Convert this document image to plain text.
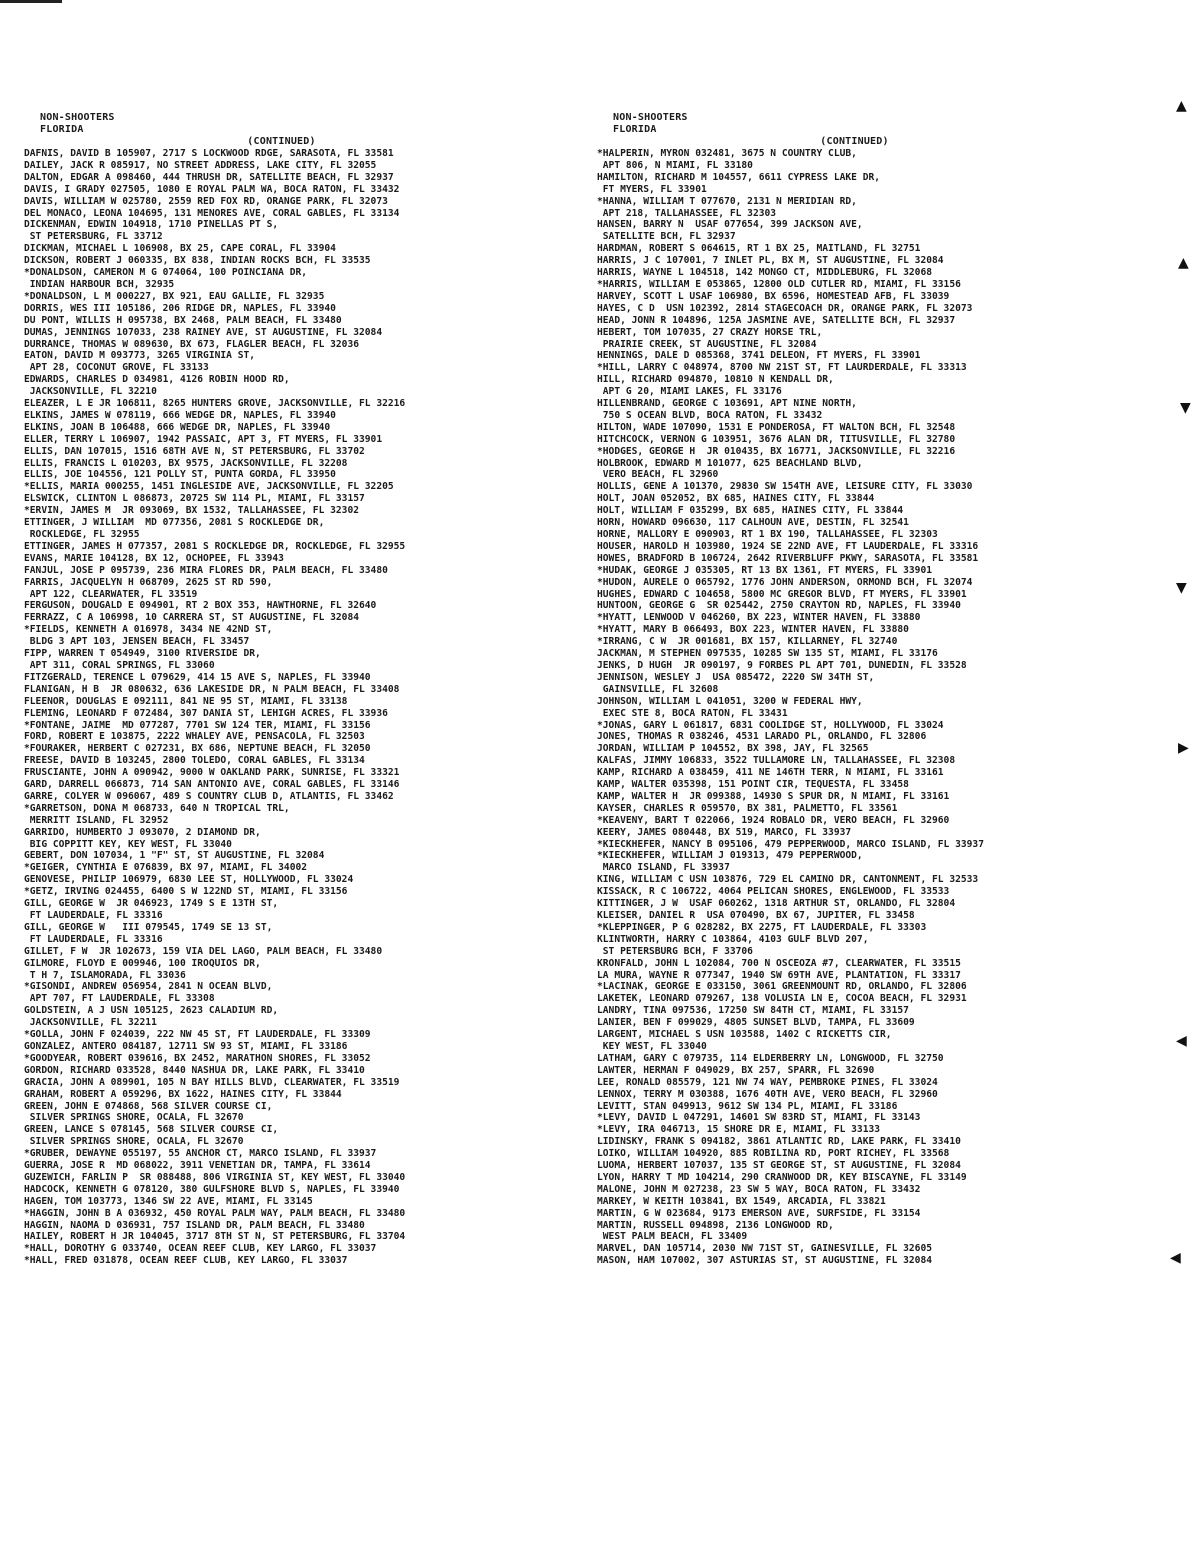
NON-SHOOTERS
FLORIDA
(CONTINUED)
DAFNIS, DAVID B 105907, 2717 S LOCKWOOD RDGE, SARASOTA, FL 33581
DAILEY, JACK R 085917, NO STREET ADDRESS, LAKE CITY, FL 32055
DALTON, EDGAR A 098460, 444 THRUSH DR, SATELLITE BEACH, FL 32937
DAVIS, I GRADY 027505, 1080 E ROYAL PALM WA, BOCA RATON, FL 33432
DAVIS, WILLIAM W 025780, 2559 RED FOX RD, ORANGE PARK, FL 32073
DEL MONACO, LEONA 104695, 131 MENORES AVE, CORAL GABLES, FL 33134
DICKENMAN, EDWIN 104918, 1710 PINELLAS PT S,
ST PETERSBURG, FL 33712
DICKMAN, MICHAEL L 106908, BX 25, CAPE CORAL, FL 33904
DICKSON, ROBERT J 060335, BX 838, INDIAN ROCKS BCH, FL 33535
*DONALDSON, CAMERON M G 074064, 100 POINCIANA DR,
INDIAN HARBOUR BCH, 32935
*DONALDSON, L M 000227, BX 921, EAU GALLIE, FL 32935
DORRIS, WES III 105186, 206 RIDGE DR, NAPLES, FL 33940
DU PONT, WILLIS H 095738, BX 2468, PALM BEACH, FL 33480
DUMAS, JENNINGS 107033, 238 RAINEY AVE, ST AUGUSTINE, FL 32084
DURRANCE, THOMAS W 089630, BX 673, FLAGLER BEACH, FL 32036
EATON, DAVID M 093773, 3265 VIRGINIA ST,
APT 28, COCONUT GROVE, FL 33133
EDWARDS, CHARLES D 034981, 4126 ROBIN HOOD RD,
JACKSONVILLE, FL 32210
ELEAZER, L E JR 106811, 8265 HUNTERS GROVE, JACKSONVILLE, FL 32216
ELKINS, JAMES W 078119, 666 WEDGE DR, NAPLES, FL 33940
ELKINS, JOAN B 106488, 666 WEDGE DR, NAPLES, FL 33940
ELLER, TERRY L 106907, 1942 PASSAIC, APT 3, FT MYERS, FL 33901
ELLIS, DAN 107015, 1516 68TH AVE N, ST PETERSBURG, FL 33702
ELLIS, FRANCIS L 010203, BX 9575, JACKSONVILLE, FL 32208
ELLIS, JOE 104556, 121 POLLY ST, PUNTA GORDA, FL 33950
*ELLIS, MARIA 000255, 1451 INGLESIDE AVE, JACKSONVILLE, FL 32205
ELSWICK, CLINTON L 086873, 20725 SW 114 PL, MIAMI, FL 33157
*ERVIN, JAMES M  JR 093069, BX 1532, TALLAHASSEE, FL 32302
ETTINGER, J WILLIAM  MD 077356, 2081 S ROCKLEDGE DR,
ROCKLEDGE, FL 32955
ETTINGER, JAMES H 077357, 2081 S ROCKLEDGE DR, ROCKLEDGE, FL 32955
EVANS, MARIE 104128, BX 12, OCHOPEE, FL 33943
FANJUL, JOSE P 095739, 236 MIRA FLORES DR, PALM BEACH, FL 33480
FARRIS, JACQUELYN H 068709, 2625 ST RD 590,
APT 122, CLEARWATER, FL 33519
FERGUSON, DOUGALD E 094901, RT 2 BOX 353, HAWTHORNE, FL 32640
FERRAZZ, C A 106998, 10 CARRERA ST, ST AUGUSTINE, FL 32084
*FIELDS, KENNETH A 016978, 3434 NE 42ND ST,
BLDG 3 APT 103, JENSEN BEACH, FL 33457
FIPP, WARREN T 054949, 3100 RIVERSIDE DR,
APT 311, CORAL SPRINGS, FL 33060
FITZGERALD, TERENCE L 079629, 414 15 AVE S, NAPLES, FL 33940
FLANIGAN, H B  JR 080632, 636 LAKESIDE DR, N PALM BEACH, FL 33408
FLEENOR, DOUGLAS E 092111, 841 NE 95 ST, MIAMI, FL 33138
FLEMING, LEONARD F 072484, 307 DANIA ST, LEHIGH ACRES, FL 33936
*FONTANE, JAIME  MD 077287, 7701 SW 124 TER, MIAMI, FL 33156
FORD, ROBERT E 103875, 2222 WHALEY AVE, PENSACOLA, FL 32503
*FOURAKER, HERBERT C 027231, BX 686, NEPTUNE BEACH, FL 32050
FREESE, DAVID B 103245, 2800 TOLEDO, CORAL GABLES, FL 33134
FRUSCIANTE, JOHN A 090942, 9000 W OAKLAND PARK, SUNRISE, FL 33321
GARD, DARRELL 066873, 714 SAN ANTONIO AVE, CORAL GABLES, FL 33146
GARRE, COLYER W 096067, 489 S COUNTRY CLUB D, ATLANTIS, FL 33462
*GARRETSON, DONA M 068733, 640 N TROPICAL TRL,
MERRITT ISLAND, FL 32952
GARRIDO, HUMBERTO J 093070, 2 DIAMOND DR,
BIG COPPITT KEY, KEY WEST, FL 33040
GEBERT, DON 107034, 1 "F" ST, ST AUGUSTINE, FL 32084
*GEIGER, CYNTHIA E 076839, BX 97, MIAMI, FL 34002
GENOVESE, PHILIP 106979, 6830 LEE ST, HOLLYWOOD, FL 33024
*GETZ, IRVING 024455, 6400 S W 122ND ST, MIAMI, FL 33156
GILL, GEORGE W  JR 046923, 1749 S E 13TH ST,
FT LAUDERDALE, FL 33316
GILL, GEORGE W   III 079545, 1749 SE 13 ST,
FT LAUDERDALE, FL 33316
GILLET, F W  JR 102673, 159 VIA DEL LAGO, PALM BEACH, FL 33480
GILMORE, FLOYD E 009946, 100 IROQUIOS DR,
T H 7, ISLAMORADA, FL 33036
*GISONDI, ANDREW 056954, 2841 N OCEAN BLVD,
APT 707, FT LAUDERDALE, FL 33308
GOLDSTEIN, A J USN 105125, 2623 CALADIUM RD,
JACKSONVILLE, FL 32211
*GOLLA, JOHN F 024039, 222 NW 45 ST, FT LAUDERDALE, FL 33309
GONZALEZ, ANTERO 084187, 12711 SW 93 ST, MIAMI, FL 33186
*GOODYEAR, ROBERT 039616, BX 2452, MARATHON SHORES, FL 33052
GORDON, RICHARD 033528, 8440 NASHUA DR, LAKE PARK, FL 33410
GRACIA, JOHN A 089901, 105 N BAY HILLS BLVD, CLEARWATER, FL 33519
GRAHAM, ROBERT A 059296, BX 1622, HAINES CITY, FL 33844
GREEN, JOHN E 074868, 568 SILVER COURSE CI,
SILVER SPRINGS SHORE, OCALA, FL 32670
GREEN, LANCE S 078145, 568 SILVER COURSE CI,
SILVER SPRINGS SHORE, OCALA, FL 32670
*GRUBER, DEWAYNE 055197, 55 ANCHOR CT, MARCO ISLAND, FL 33937
GUERRA, JOSE R  MD 068022, 3911 VENETIAN DR, TAMPA, FL 33614
GUZEWICH, FARLIN P  SR 088488, 806 VIRGINIA ST, KEY WEST, FL 33040
HADCOCK, KENNETH G 078120, 380 GULFSHORE BLVD S, NAPLES, FL 33940
HAGEN, TOM 103773, 1346 SW 22 AVE, MIAMI, FL 33145
*HAGGIN, JOHN B A 036932, 450 ROYAL PALM WAY, PALM BEACH, FL 33480
HAGGIN, NAOMA D 036931, 757 ISLAND DR, PALM BEACH, FL 33480
HAILEY, ROBERT H JR 104045, 3717 8TH ST N, ST PETERSBURG, FL 33704
*HALL, DOROTHY G 033740, OCEAN REEF CLUB, KEY LARGO, FL 33037
*HALL, FRED 031878, OCEAN REEF CLUB, KEY LARGO, FL 33037
NON-SHOOTERS
FLORIDA
(CONTINUED)
*HALPERIN, MYRON 032481, 3675 N COUNTRY CLUB,
APT 806, N MIAMI, FL 33180
HAMILTON, RICHARD M 104557, 6611 CYPRESS LAKE DR,
FT MYERS, FL 33901
*HANNA, WILLIAM T 077670, 2131 N MERIDIAN RD,
APT 218, TALLAHASSEE, FL 32303
HANSEN, BARRY N  USAF 077654, 399 JACKSON AVE,
SATELLITE BCH, FL 32937
HARDMAN, ROBERT S 064615, RT 1 BX 25, MAITLAND, FL 32751
HARRIS, J C 107001, 7 INLET PL, BX M, ST AUGUSTINE, FL 32084
HARRIS, WAYNE L 104518, 142 MONGO CT, MIDDLEBURG, FL 32068
*HARRIS, WILLIAM E 053865, 12800 OLD CUTLER RD, MIAMI, FL 33156
HARVEY, SCOTT L USAF 106980, BX 6596, HOMESTEAD AFB, FL 33039
HAYES, C D  USN 102392, 2814 STAGECOACH DR, ORANGE PARK, FL 32073
HEAD, JONN R 104896, 125A JASMINE AVE, SATELLITE BCH, FL 32937
HEBERT, TOM 107035, 27 CRAZY HORSE TRL,
PRAIRIE CREEK, ST AUGUSTINE, FL 32084
HENNINGS, DALE D 085368, 3741 DELEON, FT MYERS, FL 33901
*HILL, LARRY C 048974, 8700 NW 21ST ST, FT LAURDERDALE, FL 33313
HILL, RICHARD 094870, 10810 N KENDALL DR,
APT G 20, MIAMI LAKES, FL 33176
HILLENBRAND, GEORGE C 103691, APT NINE NORTH,
750 S OCEAN BLVD, BOCA RATON, FL 33432
HILTON, WADE 107090, 1531 E PONDEROSA, FT WALTON BCH, FL 32548
HITCHCOCK, VERNON G 103951, 3676 ALAN DR, TITUSVILLE, FL 32780
*HODGES, GEORGE H  JR 010435, BX 16771, JACKSONVILLE, FL 32216
HOLBROOK, EDWARD M 101077, 625 BEACHLAND BLVD,
VERO BEACH, FL 32960
HOLLIS, GENE A 101370, 29830 SW 154TH AVE, LEISURE CITY, FL 33030
HOLT, JOAN 052052, BX 685, HAINES CITY, FL 33844
HOLT, WILLIAM F 035299, BX 685, HAINES CITY, FL 33844
HORN, HOWARD 096630, 117 CALHOUN AVE, DESTIN, FL 32541
HORNE, MALLORY E 090903, RT 1 BX 190, TALLAHASSEE, FL 32303
HOUSER, HAROLD H 103980, 1924 SE 22ND AVE, FT LAUDERDALE, FL 33316
HOWES, BRADFORD B 106724, 2642 RIVERBLUFF PKWY, SARASOTA, FL 33581
*HUDAK, GEORGE J 035305, RT 13 BX 1361, FT MYERS, FL 33901
*HUDON, AURELE O 065792, 1776 JOHN ANDERSON, ORMOND BCH, FL 32074
HUGHES, EDWARD C 104658, 5800 MC GREGOR BLVD, FT MYERS, FL 33901
HUNTOON, GEORGE G  SR 025442, 2750 CRAYTON RD, NAPLES, FL 33940
*HYATT, LENWOOD V 046260, BX 223, WINTER HAVEN, FL 33880
*HYATT, MARY B 066493, BOX 223, WINTER HAVEN, FL 33880
*IRRANG, C W  JR 001681, BX 157, KILLARNEY, FL 32740
JACKMAN, M STEPHEN 097535, 10285 SW 135 ST, MIAMI, FL 33176
JENKS, D HUGH  JR 090197, 9 FORBES PL APT 701, DUNEDIN, FL 33528
JENNISON, WESLEY J  USA 085472, 2220 SW 34TH ST,
GAINSVILLE, FL 32608
JOHNSON, WILLIAM L 041051, 3200 W FEDERAL HWY,
EXEC STE 8, BOCA RATON, FL 33431
*JONAS, GARY L 061817, 6831 COOLIDGE ST, HOLLYWOOD, FL 33024
JONES, THOMAS R 038246, 4531 LARADO PL, ORLANDO, FL 32806
JORDAN, WILLIAM P 104552, BX 398, JAY, FL 32565
KALFAS, JIMMY 106833, 3522 TULLAMORE LN, TALLAHASSEE, FL 32308
KAMP, RICHARD A 038459, 411 NE 146TH TERR, N MIAMI, FL 33161
KAMP, WALTER 035398, 151 POINT CIR, TEQUESTA, FL 33458
KAMP, WALTER H  JR 099388, 14930 S SPUR DR, N MIAMI, FL 33161
KAYSER, CHARLES R 059570, BX 381, PALMETTO, FL 33561
*KEAVENY, BART T 022066, 1924 ROBALO DR, VERO BEACH, FL 32960
KEERY, JAMES 080448, BX 519, MARCO, FL 33937
*KIECKHEFER, NANCY B 095106, 479 PEPPERWOOD, MARCO ISLAND, FL 33937
*KIECKHEFER, WILLIAM J 019313, 479 PEPPERWOOD,
MARCO ISLAND, FL 33937
KING, WILLIAM C USN 103876, 729 EL CAMINO DR, CANTONMENT, FL 32533
KISSACK, R C 106722, 4064 PELICAN SHORES, ENGLEWOOD, FL 33533
KITTINGER, J W  USAF 060262, 1318 ARTHUR ST, ORLANDO, FL 32804
KLEISER, DANIEL R  USA 070490, BX 67, JUPITER, FL 33458
*KLEPPINGER, P G 028282, BX 2275, FT LAUDERDALE, FL 33303
KLINTWORTH, HARRY C 103864, 4103 GULF BLVD 207,
ST PETERSBURG BCH, F 33706
KRONFALD, JOHN L 102084, 700 N OSCEOZA #7, CLEARWATER, FL 33515
LA MURA, WAYNE R 077347, 1940 SW 69TH AVE, PLANTATION, FL 33317
*LACINAK, GEORGE E 033150, 3061 GREENMOUNT RD, ORLANDO, FL 32806
LAKETEK, LEONARD 079267, 138 VOLUSIA LN E, COCOA BEACH, FL 32931
LANDRY, TINA 097536, 17250 SW 84TH CT, MIAMI, FL 33157
LANIER, BEN F 099029, 4805 SUNSET BLVD, TAMPA, FL 33609
LARGENT, MICHAEL S USN 103588, 1402 C RICKETTS CIR,
KEY WEST, FL 33040
LATHAM, GARY C 079735, 114 ELDERBERRY LN, LONGWOOD, FL 32750
LAWTER, HERMAN F 049029, BX 257, SPARR, FL 32690
LEE, RONALD 085579, 121 NW 74 WAY, PEMBROKE PINES, FL 33024
LENNOX, TERRY M 030388, 1676 40TH AVE, VERO BEACH, FL 32960
LEVITT, STAN 049913, 9612 SW 134 PL, MIAMI, FL 33186
*LEVY, DAVID L 047291, 14601 SW 83RD ST, MIAMI, FL 33143
*LEVY, IRA 046713, 15 SHORE DR E, MIAMI, FL 33133
LIDINSKY, FRANK S 094182, 3861 ATLANTIC RD, LAKE PARK, FL 33410
LOIKO, WILLIAM 104920, 885 ROBILINA RD, PORT RICHEY, FL 33568
LUOMA, HERBERT 107037, 135 ST GEORGE ST, ST AUGUSTINE, FL 32084
LYON, HARRY T MD 104214, 290 CRANWOOD DR, KEY BISCAYNE, FL 33149
MALONE, JOHN M 027238, 23 SW 5 WAY, BOCA RATON, FL 33432
MARKEY, W KEITH 103841, BX 1549, ARCADIA, FL 33821
MARTIN, G W 023684, 9173 EMERSON AVE, SURFSIDE, FL 33154
MARTIN, RUSSELL 094898, 2136 LONGWOOD RD,
WEST PALM BEACH, FL 33409
MARVEL, DAN 105714, 2030 NW 71ST ST, GAINESVILLE, FL 32605
MASON, HAM 107002, 307 ASTURIAS ST, ST AUGUSTINE, FL 32084
▲
▲
▼
▼
▶
◀
◀
